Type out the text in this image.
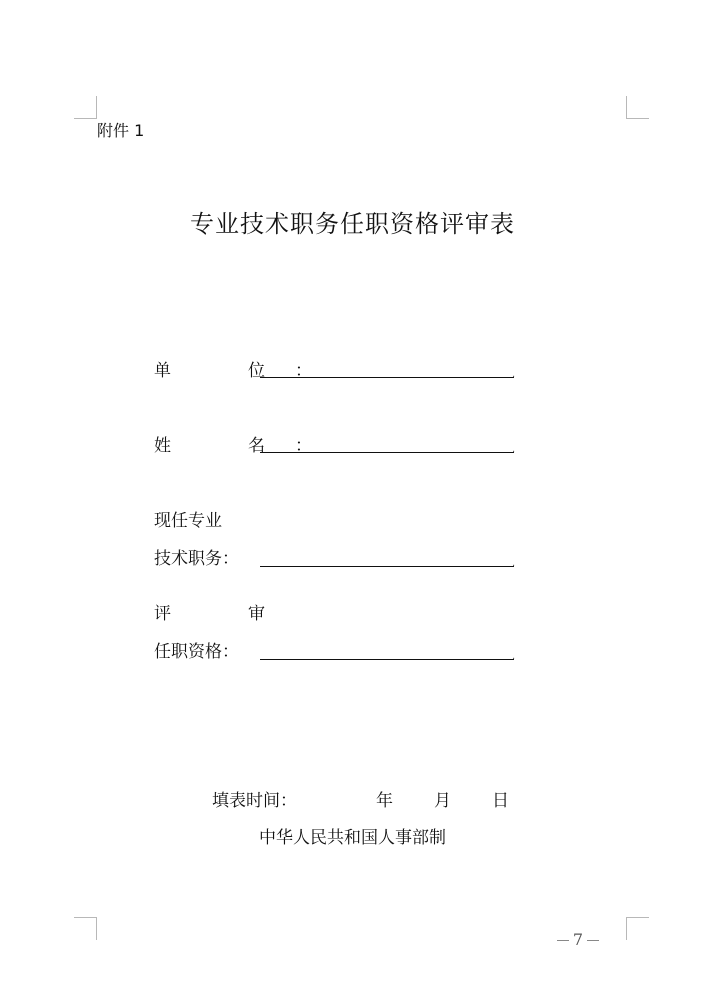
附件 1
专业技术职务任职资格评审表
单　位：	.
姓　名：	.
现任专业
技术职务：	.
评　审
任职资格：	.
填表时间：	年 月 日
中华人民共和国人事部制
7
